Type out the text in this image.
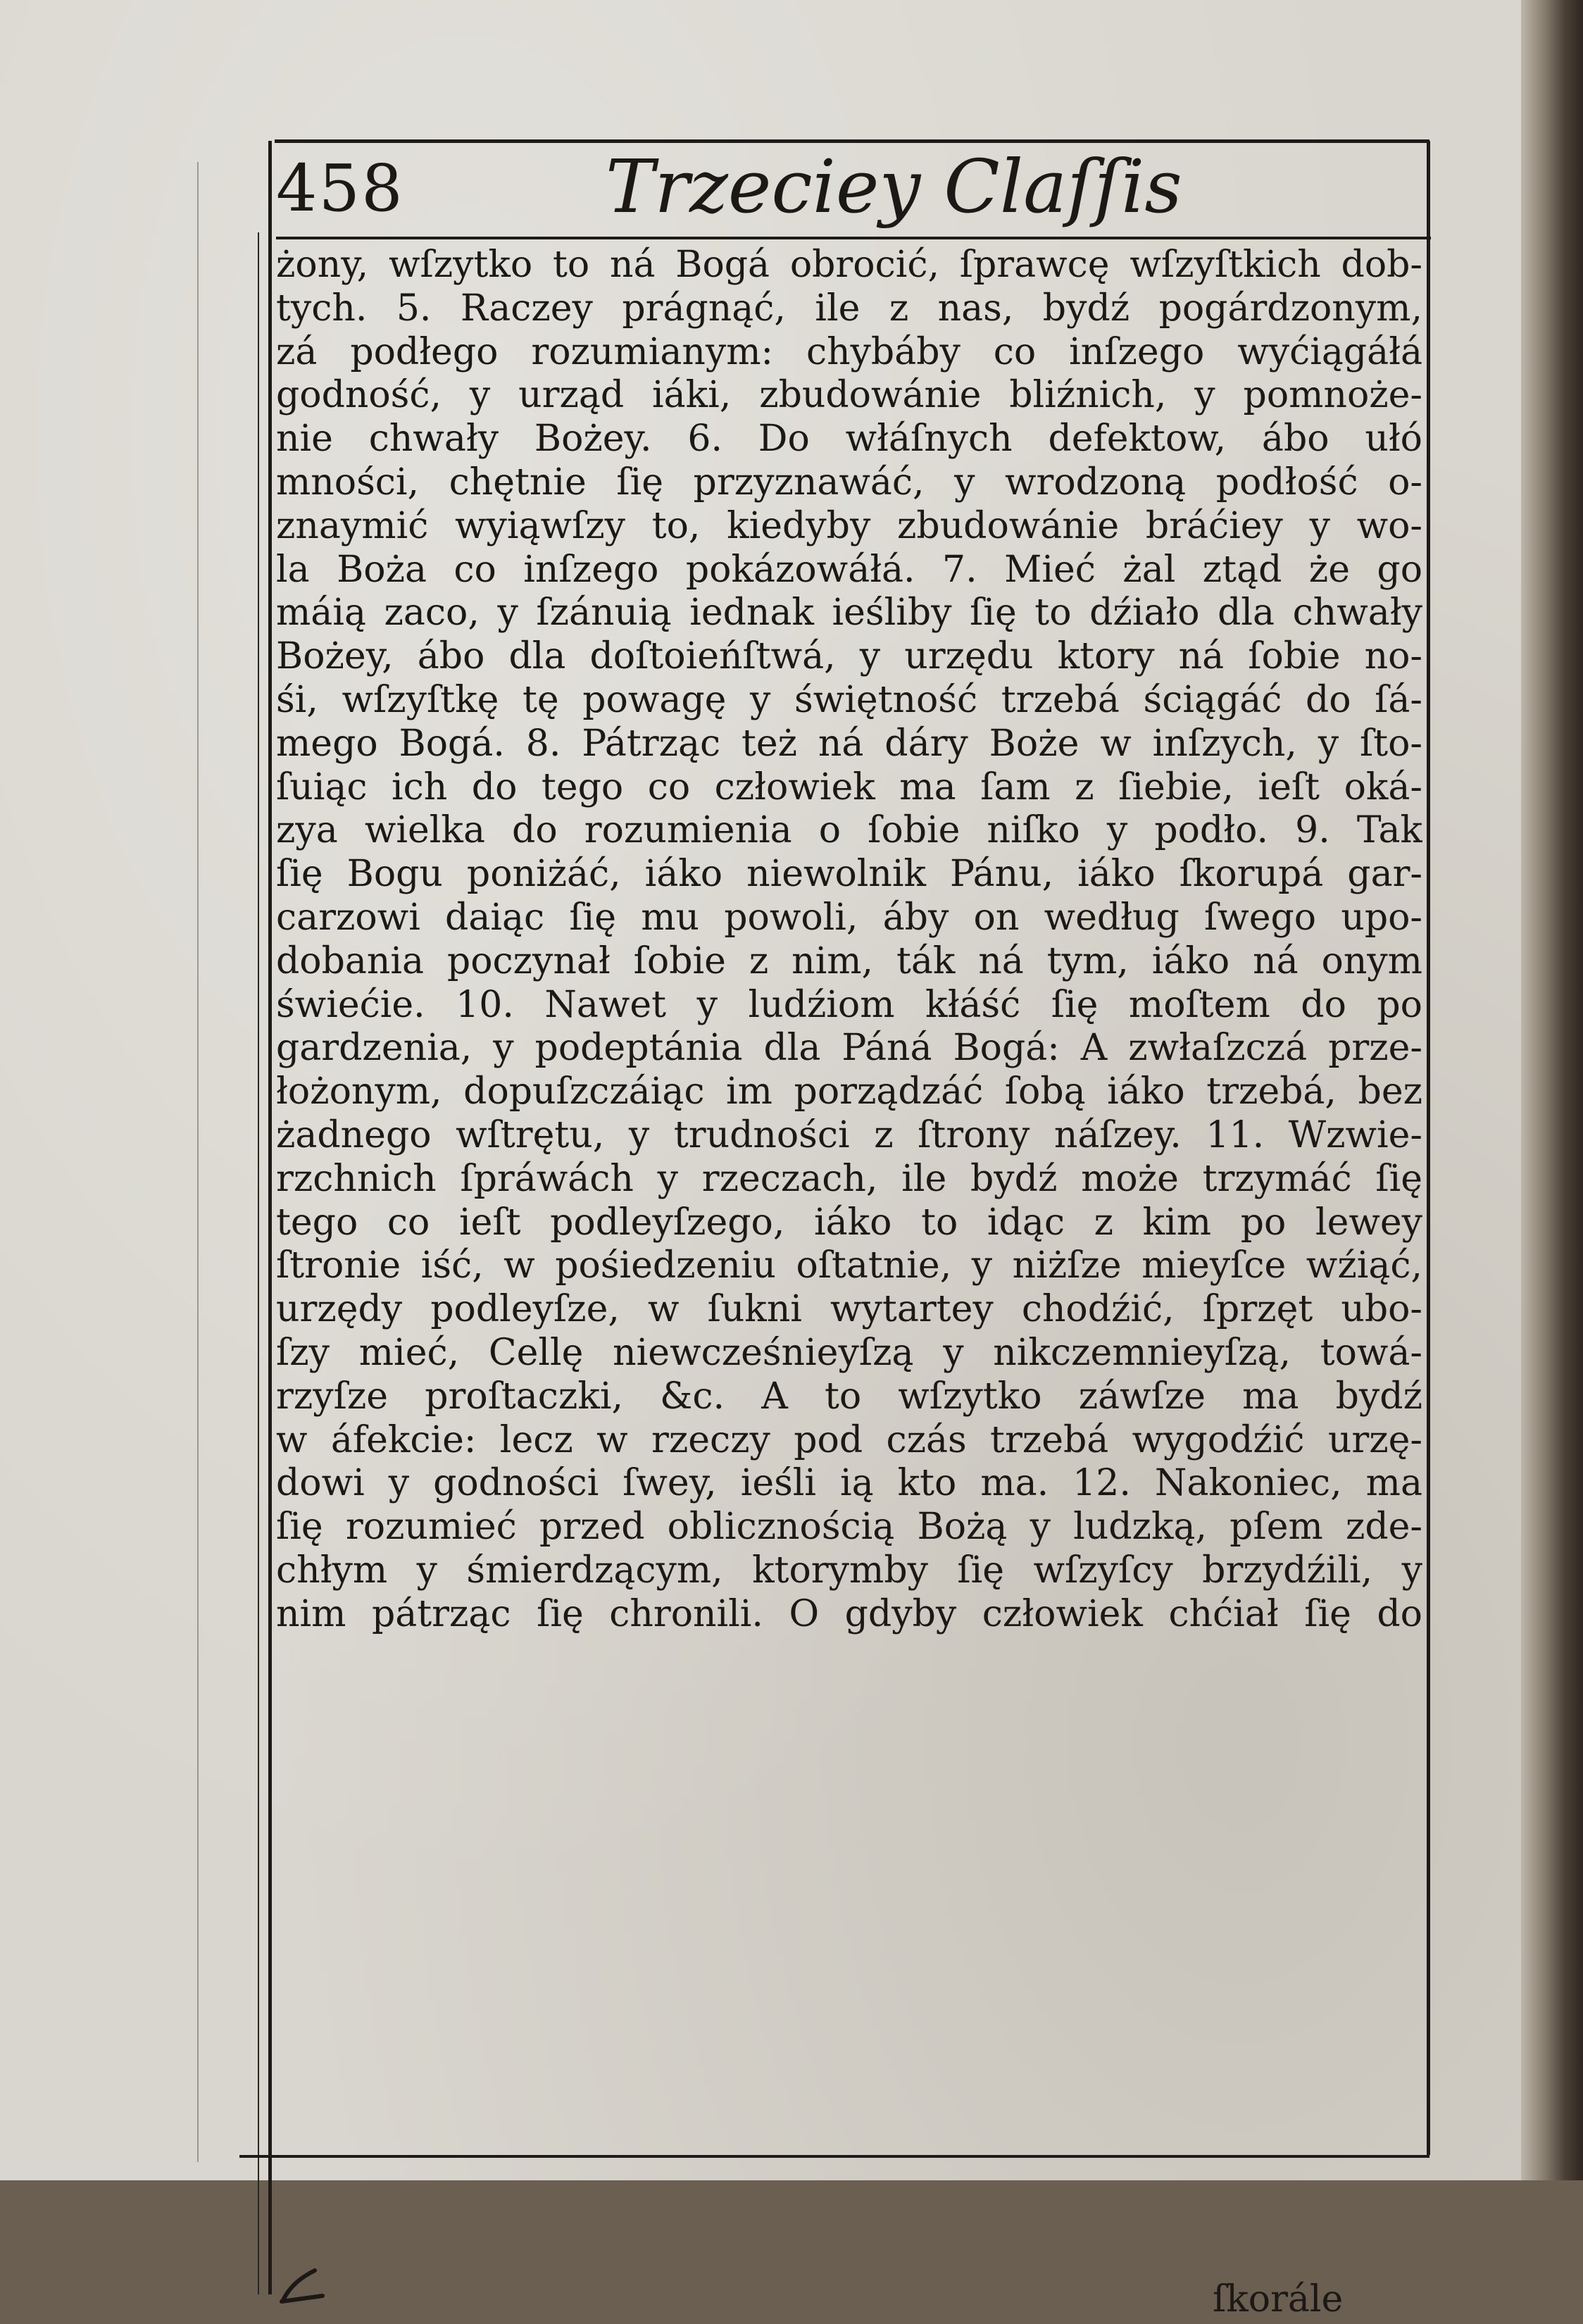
458	Trzeciey Claſſis
żony, wſzytko to ná Bogá obrocić, ſprawcę wſzyſtkich dob-
tych. 5. Raczey prágnąć, ile z nas, bydź pogárdzonym,
zá podłego rozumianym: chybáby co inſzego wyćiągáłá
godność, y urząd iáki, zbudowánie bliźnich, y pomnoże-
nie chwały Bożey. 6. Do włáſnych defektow, ábo ułó
mności, chętnie ſię przyznawáć, y wrodzoną podłość o-
znaymić wyiąwſzy to, kiedyby zbudowánie bráćiey y wo-
la Boża co inſzego pokázowáłá. 7. Mieć żal ztąd że go
máią zaco, y ſzánuią iednak ieśliby ſię to dźiało dla chwały
Bożey, ábo dla doſtoieńſtwá, y urzędu ktory ná ſobie no-
śi, wſzyſtkę tę powagę y świętność trzebá ściągáć do ſá-
mego Bogá. 8. Pátrząc też ná dáry Boże w inſzych, y ſto-
ſuiąc ich do tego co człowiek ma ſam z ſiebie, ieſt oká-
zya wielka do rozumienia o ſobie niſko y podło. 9. Tak
ſię Bogu poniżáć, iáko niewolnik Pánu, iáko ſkorupá gar-
carzowi daiąc ſię mu powoli, áby on według ſwego upo-
dobania poczynał ſobie z nim, ták ná tym, iáko ná onym
świećie. 10. Nawet y ludźiom kłáść ſię moſtem do po
gardzenia, y podeptánia dla Páná Bogá: A zwłaſzczá prze-
łożonym, dopuſzczáiąc im porządzáć ſobą iáko trzebá, bez
żadnego wſtrętu, y trudności z ſtrony náſzey. 11. Wzwie-
rzchnich ſpráwách y rzeczach, ile bydź może trzymáć ſię
tego co ieſt podleyſzego, iáko to idąc z kim po lewey
ſtronie iść, w pośiedzeniu oſtatnie, y niżſze mieyſce wźiąć,
urzędy podleyſze, w ſukni wytartey chodźić, ſprzęt ubo-
ſzy mieć, Cellę niewcześnieyſzą y nikczemnieyſzą, towá-
rzyſze proſtaczki, &c. A to wſzytko záwſze ma bydź
w áfekcie: lecz w rzeczy pod czás trzebá wygodźić urzę-
dowi y godności ſwey, ieśli ią kto ma. 12. Nakoniec, ma
ſię rozumieć przed oblicznością Bożą y ludzką, pſem zde-
chłym y śmierdzącym, ktorymby ſię wſzyſcy brzydźili, y
nim pátrząc ſię chronili. O gdyby człowiek chćiał ſię do
ſkorále
